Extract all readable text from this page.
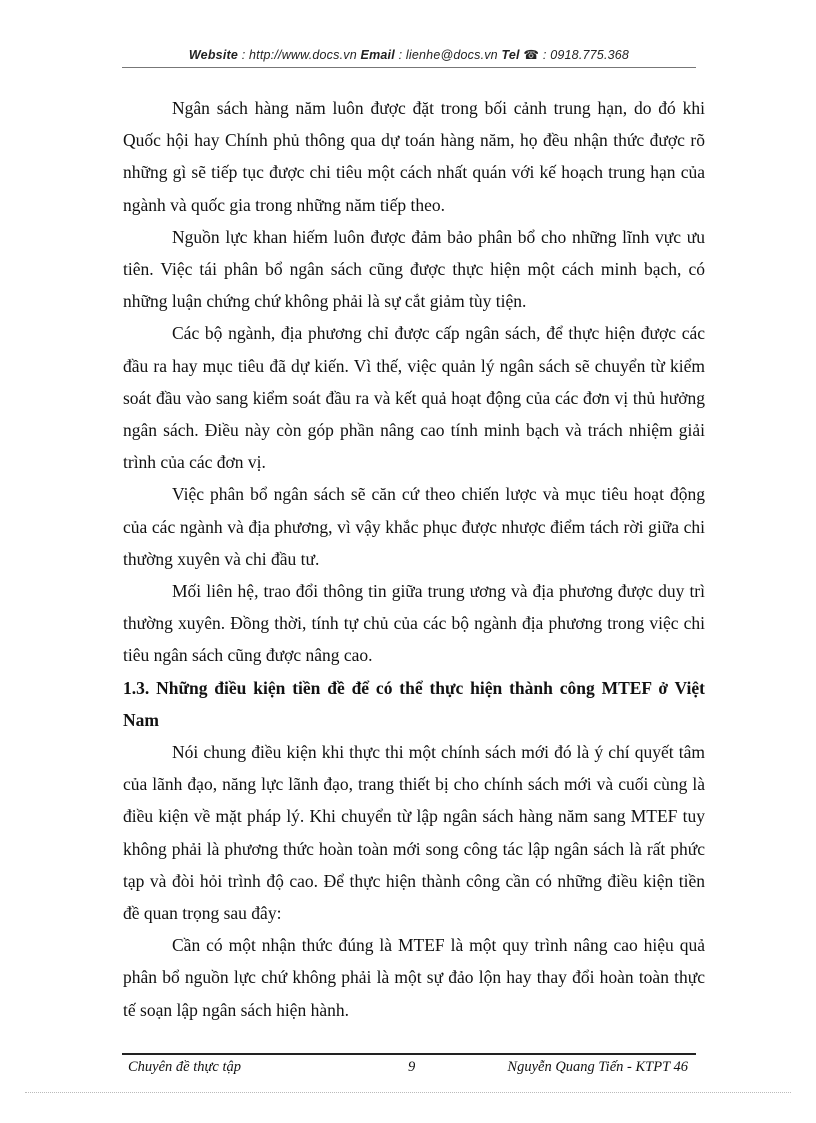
Website : http://www.docs.vn Email : lienhe@docs.vn Tel ☎ : 0918.775.368

Ngân sách hàng năm luôn được đặt trong bối cảnh trung hạn, do đó khi Quốc hội hay Chính phủ thông qua dự toán hàng năm, họ đều nhận thức được rõ những gì sẽ tiếp tục được chi tiêu một cách nhất quán với kế hoạch trung hạn của ngành và quốc gia trong những năm tiếp theo.

Nguồn lực khan hiếm luôn được đảm bảo phân bổ cho những lĩnh vực ưu tiên. Việc tái phân bổ ngân sách cũng được thực hiện một cách minh bạch, có những luận chứng chứ không phải là sự cắt giảm tùy tiện.

Các bộ ngành, địa phương chỉ được cấp ngân sách, để thực hiện được các đầu ra hay mục tiêu đã dự kiến. Vì thế, việc quản lý ngân sách sẽ chuyển từ kiểm soát đầu vào sang kiểm soát đầu ra và kết quả hoạt động của các đơn vị thủ hưởng ngân sách. Điều này còn góp phần nâng cao tính minh bạch và trách nhiệm giải trình của các đơn vị.

Việc phân bổ ngân sách sẽ căn cứ theo chiến lược và mục tiêu hoạt động của các ngành và địa phương, vì vậy khắc phục được nhược điểm tách rời giữa chi thường xuyên và chi đầu tư.

Mối liên hệ, trao đổi thông tin giữa trung ương và địa phương được duy trì thường xuyên. Đồng thời, tính tự chủ của các bộ ngành địa phương trong việc chi tiêu ngân sách cũng được nâng cao.

1.3. Những điều kiện tiền đề để có thể thực hiện thành công MTEF ở Việt Nam

Nói chung điều kiện khi thực thi một chính sách mới đó là ý chí quyết tâm của lãnh đạo, năng lực lãnh đạo, trang thiết bị cho chính sách mới và cuối cùng là điều kiện về mặt pháp lý. Khi chuyển từ lập ngân sách hàng năm sang MTEF tuy không phải là phương thức hoàn toàn mới song công tác lập ngân sách là rất phức tạp và đòi hỏi trình độ cao. Để thực hiện thành công cần có những điều kiện tiền đề quan trọng sau đây:

Cần có một nhận thức đúng là MTEF là một quy trình nâng cao hiệu quả phân bổ nguồn lực chứ không phải là một sự đảo lộn hay thay đổi hoàn toàn thực tế soạn lập ngân sách hiện hành.

Chuyên đề thực tập	9	Nguyễn Quang Tiến - KTPT 46
